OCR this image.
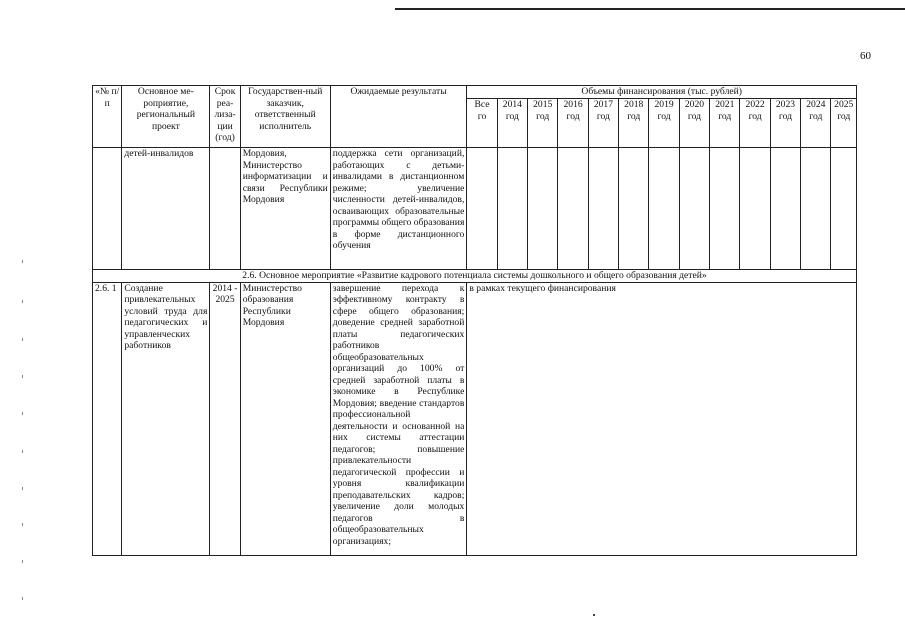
60
«№ п/п	Основное ме-роприятие, региональный проект	Срок реа-лиза-ции (год)	Государствен-ный заказчик, ответственный исполнитель	Ожидаемые результаты	Объемы финансирования (тыс. рублей)												
					Все го	2014 год	2015 год	2016 год	2017 год	2018 год	2019 год	2020 год	2021 год	2022 год	2023 год	2024 год	2025 год
	детей-инвалидов		Мордовия, Министерство информатизации и связи Республики Мордовия	поддержка сети организаций, работающих с детьми-инвалидами в дистанционном режиме; увеличение численности детей-инвалидов, осваивающих образовательные программы общего образования в форме дистанционного обучения													
2.6. Основное мероприятие «Развитие кадрового потенциала системы дошкольного и общего образования детей»																	
2.6. 1	Создание привлекательных условий труда для педагогических и управленческих работников	2014 - 2025	Министерство образования Республики Мордовия	завершение перехода к эффективному контракту в сфере общего образования; доведение средней заработной платы педагогических работников общеобразовательных организаций до 100% от средней заработной платы в экономике в Республике Мордовия; введение стандартов профессиональной деятельности и основанной на них системы аттестации педагогов; повышение привлекательности педагогической профессии и уровня квалификации преподавательских кадров; увеличение доли молодых педагогов в общеобразовательных организациях;	в рамках текущего финансирования												
